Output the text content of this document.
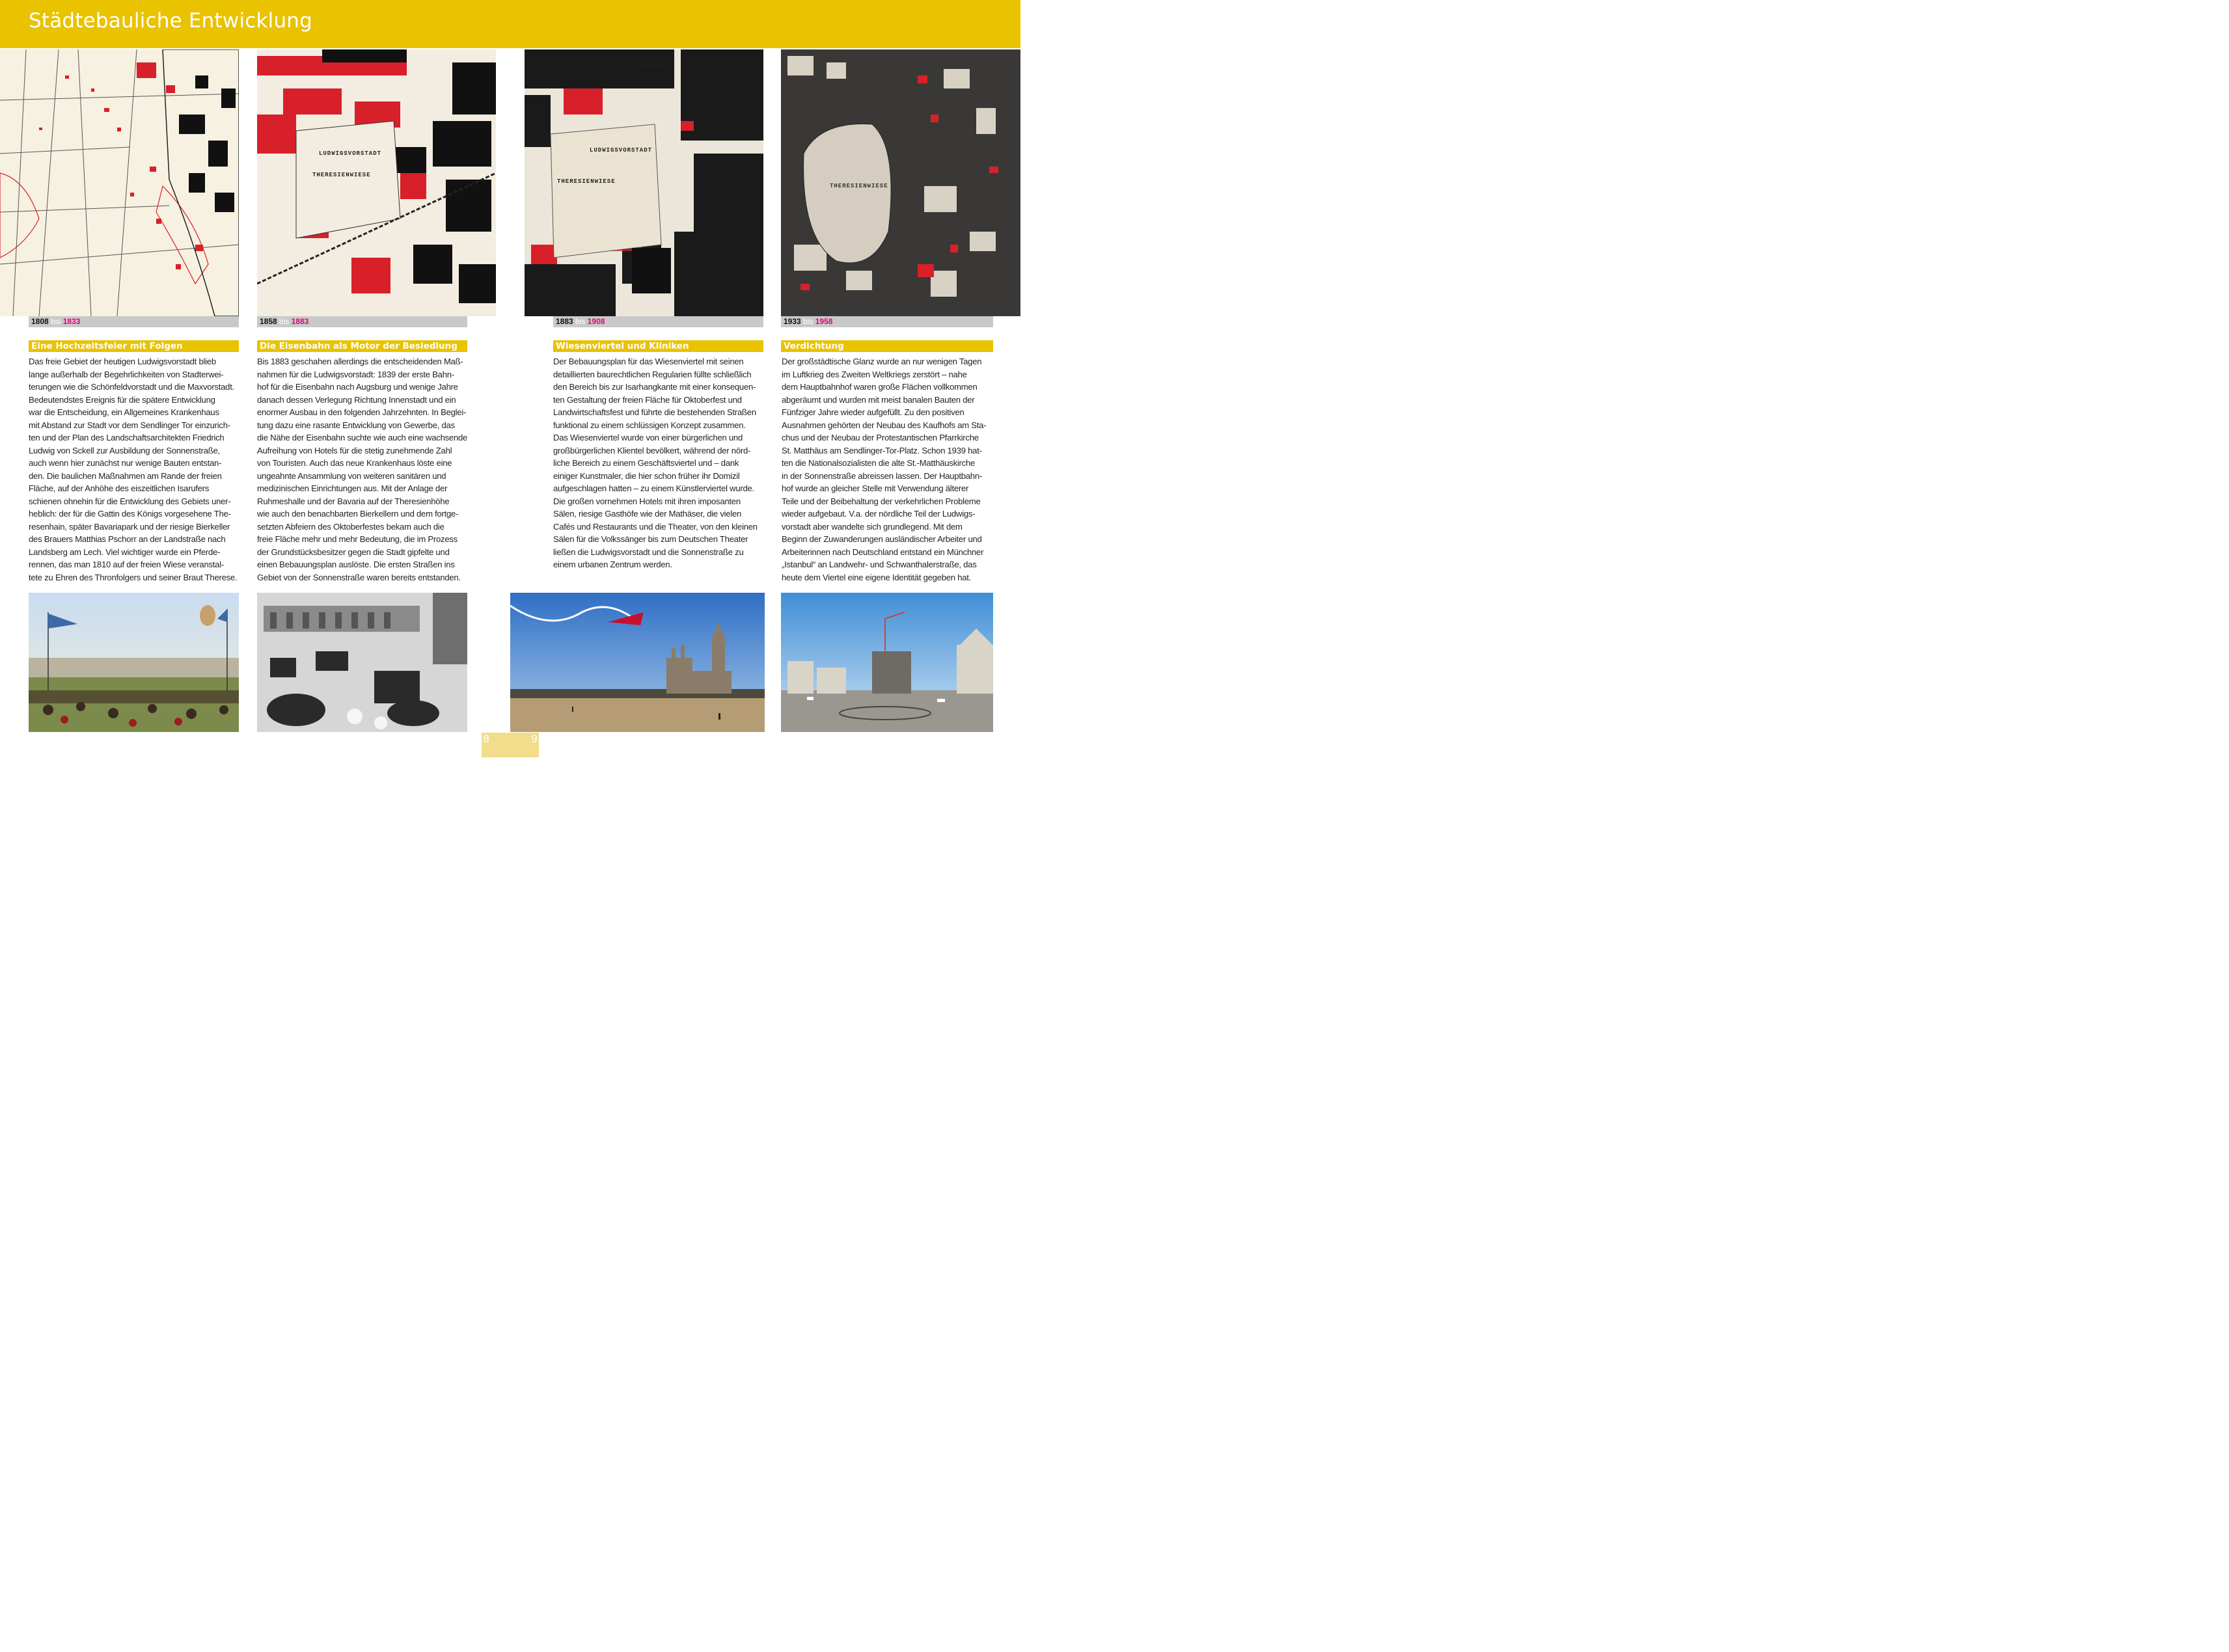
Städtebauliche Entwicklung
LUDWIGSVORSTADT
THERESIENWIESE
LUDWIGSVORSTADT
THERESIENWIESE
CENTRAL
THERESIENWIESE
1808 bis 1833	1858 bis 1883	1883 bis 1908	1933 bis 1958
Eine Hochzeitsfeier mit Folgen	Die Eisenbahn als Motor der Besiedlung	Wiesenviertel und Kliniken	Verdichtung
Das freie Gebiet der heutigen Ludwigsvorstadt blieb
lange außerhalb der Begehrlichkeiten von Stadterwei-
terungen wie die Schönfeldvorstadt und die Maxvorstadt.
Bedeutendstes Ereignis für die spätere Entwicklung
war die Entscheidung, ein Allgemeines Krankenhaus
mit Abstand zur Stadt vor dem Sendlinger Tor einzurich-
ten und der Plan des Landschaftsarchitekten Friedrich
Ludwig von Sckell zur Ausbildung der Sonnenstraße,
auch wenn hier zunächst nur wenige Bauten entstan-
den. Die baulichen Maßnahmen am Rande der freien
Fläche, auf der Anhöhe des eiszeitlichen Isarufers
schienen ohnehin für die Entwicklung des Gebiets uner-
heblich: der für die Gattin des Königs vorgesehene The-
resenhain, später Bavariapark und der riesige Bierkeller
des Brauers Matthias Pschorr an der Landstraße nach
Landsberg am Lech. Viel wichtiger wurde ein Pferde-
rennen, das man 1810 auf der freien Wiese veranstal-
tete zu Ehren des Thronfolgers und seiner Braut Therese.
Bis 1883 geschahen allerdings die entscheidenden Maß-
nahmen für die Ludwigsvorstadt: 1839 der erste Bahn-
hof für die Eisenbahn nach Augsburg und wenige Jahre
danach dessen Verlegung Richtung Innenstadt und ein
enormer Ausbau in den folgenden Jahrzehnten. In Beglei-
tung dazu eine rasante Entwicklung von Gewerbe, das
die Nähe der Eisenbahn suchte wie auch eine wachsende
Aufreihung von Hotels für die stetig zunehmende Zahl
von Touristen. Auch das neue Krankenhaus löste eine
ungeahnte Ansammlung von weiteren sanitären und
medizinischen Einrichtungen aus. Mit der Anlage der
Ruhmeshalle und der Bavaria auf der Theresienhöhe
wie auch den benachbarten Bierkellern und dem fortge-
setzten Abfeiern des Oktoberfestes bekam auch die
freie Fläche mehr und mehr Bedeutung, die im Prozess
der Grundstücksbesitzer gegen die Stadt gipfelte und
einen Bebauungsplan auslöste. Die ersten Straßen ins
Gebiet von der Sonnenstraße waren bereits entstanden.
Der Bebauungsplan für das Wiesenviertel mit seinen
detaillierten baurechtlichen Regularien füllte schließlich
den Bereich bis zur Isarhangkante mit einer konsequen-
ten Gestaltung der freien Fläche für Oktoberfest und
Landwirtschaftsfest und führte die bestehenden Straßen
funktional zu einem schlüssigen Konzept zusammen.
Das Wiesenviertel wurde von einer bürgerlichen und
großbürgerlichen Klientel bevölkert, während der nörd-
liche Bereich zu einem Geschäftsviertel und – dank
einiger Kunstmaler, die hier schon früher ihr Domizil
aufgeschlagen hatten – zu einem Künstlerviertel wurde.
Die großen vornehmen Hotels mit ihren imposanten
Sälen, riesige Gasthöfe wie der Mathäser, die vielen
Cafés und Restaurants und die Theater, von den kleinen
Sälen für die Volkssänger bis zum Deutschen Theater
ließen die Ludwigsvorstadt und die Sonnenstraße zu
einem urbanen Zentrum werden.
Der großstädtische Glanz wurde an nur wenigen Tagen
im Luftkrieg des Zweiten Weltkriegs zerstört – nahe
dem Hauptbahnhof waren große Flächen vollkommen
abgeräumt und wurden mit meist banalen Bauten der
Fünfziger Jahre wieder aufgefüllt. Zu den positiven
Ausnahmen gehörten der Neubau des Kaufhofs am Sta-
chus und der Neubau der Protestantischen Pfarrkirche
St. Matthäus am Sendlinger-Tor-Platz. Schon 1939 hat-
ten die Nationalsozialisten die alte St.-Matthäuskirche
in der Sonnenstraße abreissen lassen. Der Hauptbahn-
hof wurde an gleicher Stelle mit Verwendung älterer
Teile und der Beibehaltung der verkehrlichen Probleme
wieder aufgebaut. V.a. der nördliche Teil der Ludwigs-
vorstadt aber wandelte sich grundlegend. Mit dem
Beginn der Zuwanderungen ausländischer Arbeiter und
Arbeiterinnen nach Deutschland entstand ein Münchner
„Istanbul“ an Landwehr- und Schwanthalerstraße, das
heute dem Viertel eine eigene Identität gegeben hat.
8	9
